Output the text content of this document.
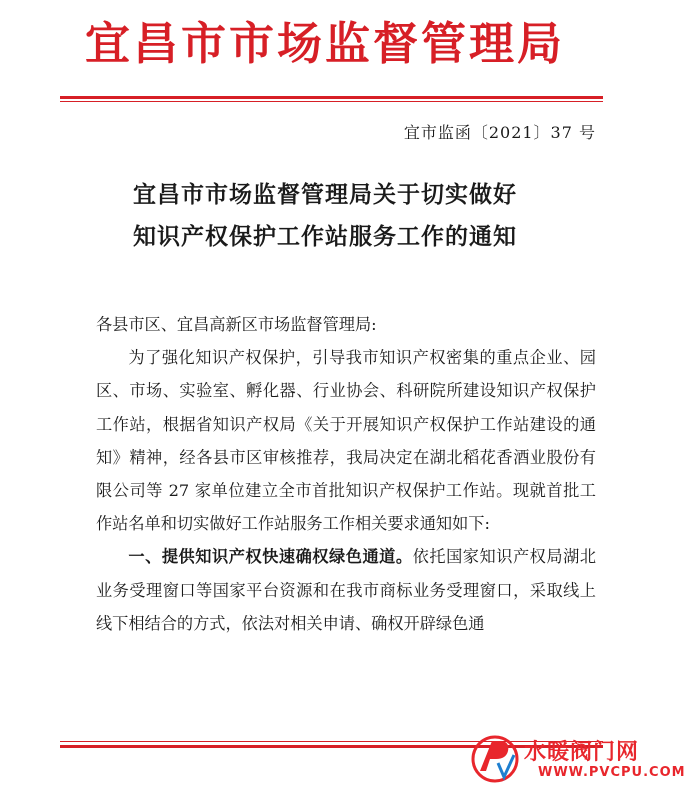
宜昌市市场监督管理局
宜市监函〔2021〕37 号
宜昌市市场监督管理局关于切实做好
知识产权保护工作站服务工作的通知

各县市区、宜昌高新区市场监督管理局:

为了强化知识产权保护，引导我市知识产权密集的重点企业、园区、市场、实验室、孵化器、行业协会、科研院所建设知识产权保护工作站，根据省知识产权局《关于开展知识产权保护工作站建设的通知》精神，经各县市区审核推荐，我局决定在湖北稻花香酒业股份有限公司等 27 家单位建立全市首批知识产权保护工作站。现就首批工作站名单和切实做好工作站服务工作相关要求通知如下:

一、提供知识产权快速确权绿色通道。依托国家知识产权局湖北业务受理窗口等国家平台资源和在我市商标业务受理窗口，采取线上线下相结合的方式，依法对相关申请、确权开辟绿色通

水暖阀门网
WWW.PVCPU.COM
